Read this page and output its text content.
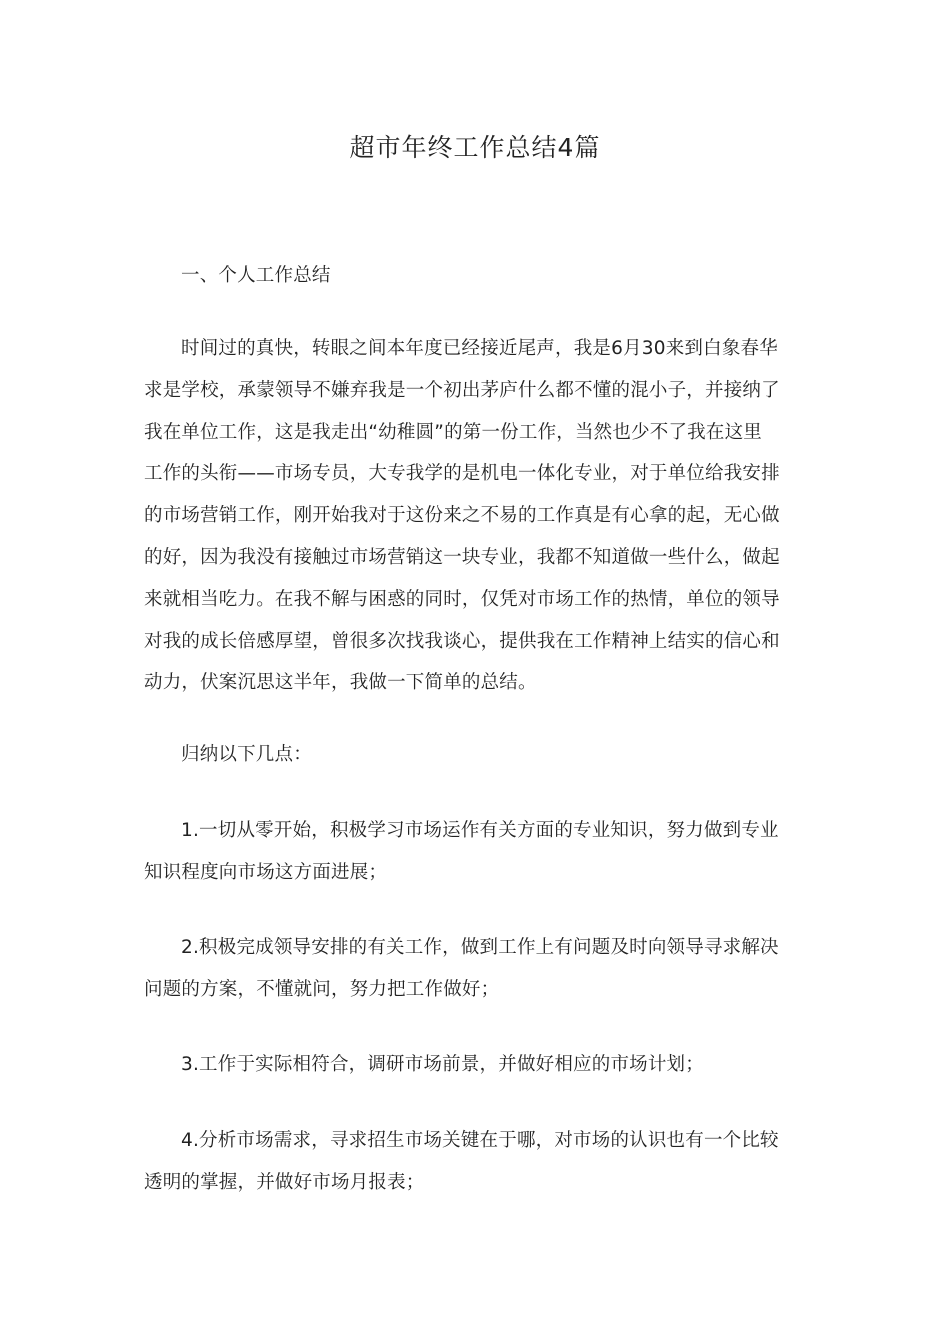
超市年终工作总结4篇
一、个人工作总结
时间过的真快，转眼之间本年度已经接近尾声，我是6月30来到白象春华
求是学校，承蒙领导不嫌弃我是一个初出茅庐什么都不懂的混小子，并接纳了
我在单位工作，这是我走出“幼稚圆”的第一份工作，当然也少不了我在这里
工作的头衔——市场专员，大专我学的是机电一体化专业，对于单位给我安排
的市场营销工作，刚开始我对于这份来之不易的工作真是有心拿的起，无心做
的好，因为我没有接触过市场营销这一块专业，我都不知道做一些什么，做起
来就相当吃力。在我不解与困惑的同时，仅凭对市场工作的热情，单位的领导
对我的成长倍感厚望，曾很多次找我谈心，提供我在工作精神上结实的信心和
动力，伏案沉思这半年，我做一下简单的总结。
归纳以下几点：
1.一切从零开始，积极学习市场运作有关方面的专业知识，努力做到专业
知识程度向市场这方面进展；
2.积极完成领导安排的有关工作，做到工作上有问题及时向领导寻求解决
问题的方案，不懂就问，努力把工作做好；
3.工作于实际相符合，调研市场前景，并做好相应的市场计划；
4.分析市场需求，寻求招生市场关键在于哪，对市场的认识也有一个比较
透明的掌握，并做好市场月报表；
